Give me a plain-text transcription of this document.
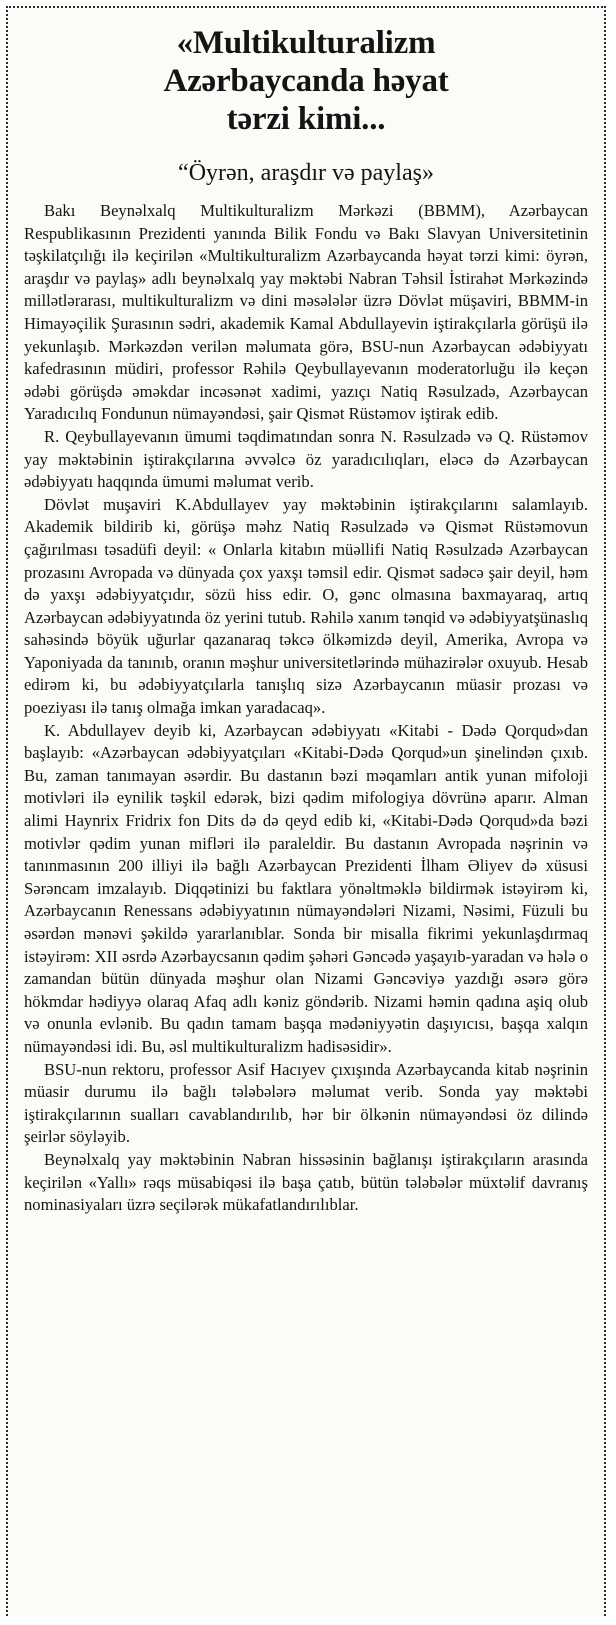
«Multikulturalizm
Azərbaycanda həyat
tərzi kimi...
“Öyrən, araşdır və paylaş»

Bakı Beynəlxalq Multikulturalizm Mərkəzi (BBMM), Azərbaycan Respublikasının Prezidenti yanında Bilik Fondu və Bakı Slavyan Universitetinin təşkilatçılığı ilə keçirilən «Multikulturalizm Azərbaycanda həyat tərzi kimi: öyrən, araşdır və paylaş» adlı beynəlxalq yay məktəbi Nabran Təhsil İstirahət Mərkəzində millətlərarası, multikulturalizm və dini məsələlər üzrə Dövlət müşaviri, BBMM-in Himayəçilik Şurasının sədri, akademik Kamal Abdullayevin iştirakçılarla görüşü ilə yekunlaşıb. Mərkəzdən verilən məlumata görə, BSU-nun Azərbaycan ədəbiyyatı kafedrasının müdiri, professor Rəhilə Qeybullayevanın moderatorluğu ilə keçən ədəbi görüşdə əməkdar incəsənət xadimi, yazıçı Natiq Rəsulzadə, Azərbaycan Yaradıcılıq Fondunun nümayəndəsi, şair Qismət Rüstəmov iştirak edib.

R. Qeybullayevanın ümumi təqdimatından sonra N. Rəsulzadə və Q. Rüstəmov yay məktəbinin iştirakçılarına əvvəlcə öz yaradıcılıqları, eləcə də Azərbaycan ədəbiyyatı haqqında ümumi məlumat verib.

Dövlət muşaviri K.Abdullayev yay məktəbinin iştirakçılarını salamlayıb. Akademik bildirib ki, görüşə məhz Natiq Rəsulzadə və Qismət Rüstəmovun çağırılması təsadüfi deyil: « Onlarla kitabın müəllifi Natiq Rəsulzadə Azərbaycan prozasını Avropada və dünyada çox yaxşı təmsil edir. Qismət sadəcə şair deyil, həm də yaxşı ədəbiyyatçıdır, sözü hiss edir. O, gənc olmasına baxmayaraq, artıq Azərbaycan ədəbiyyatında öz yerini tutub. Rəhilə xanım tənqid və ədəbiyyatşünaslıq sahəsində böyük uğurlar qazanaraq təkcə ölkəmizdə deyil, Amerika, Avropa və Yaponiyada da tanınıb, oranın məşhur universitetlərində mühazirələr oxuyub. Hesab edirəm ki, bu ədəbiyyatçılarla tanışlıq sizə Azərbaycanın müasir prozası və poeziyası ilə tanış olmağa imkan yaradacaq».

K. Abdullayev deyib ki, Azərbaycan ədəbiyyatı «Kitabi - Dədə Qorqud»dan başlayıb: «Azərbaycan ədəbiyyatçıları «Kitabi-Dədə Qorqud»un şinelindən çıxıb. Bu, zaman tanımayan əsərdir. Bu dastanın bəzi məqamları antik yunan mifoloji motivləri ilə eynilik təşkil edərək, bizi qədim mifologiya dövrünə aparır. Alman alimi Haynrix Fridrix fon Dits də də qeyd edib ki, «Kitabi-Dədə Qorqud»da bəzi motivlər qədim yunan mifləri ilə paraleldir. Bu dastanın Avropada nəşrinin və tanınmasının 200 illiyi ilə bağlı Azərbaycan Prezidenti İlham Əliyev də xüsusi Sərəncam imzalayıb. Diqqətinizi bu faktlara yönəltməklə bildirmək istəyirəm ki, Azərbaycanın Renessans ədəbiyyatının nümayəndələri Nizami, Nəsimi, Füzuli bu əsərdən mənəvi şəkildə yararlanıblar. Sonda bir misalla fikrimi yekunlaşdırmaq istəyirəm: XII əsrdə Azərbaycsanın qədim şəhəri Gəncədə yaşayıb-yaradan və hələ o zamandan bütün dünyada məşhur olan Nizami Gəncəviyə yazdığı əsərə görə hökmdar hədiyyə olaraq Afaq adlı kəniz göndərib. Nizami həmin qadına aşiq olub və onunla evlənib. Bu qadın tamam başqa mədəniyyətin daşıyıcısı, başqa xalqın nümayəndəsi idi. Bu, əsl multikulturalizm hadisəsidir».

BSU-nun rektoru, professor Asif Hacıyev çıxışında Azərbaycanda kitab nəşrinin müasir durumu ilə bağlı tələbələrə məlumat verib. Sonda yay məktəbi iştirakçılarının sualları cavablandırılıb, hər bir ölkənin nümayəndəsi öz dilində şeirlər söyləyib.

Beynəlxalq yay məktəbinin Nabran hissəsinin bağlanışı iştirakçıların arasında keçirilən «Yallı» rəqs müsabiqəsi ilə başa çatıb, bütün tələbələr müxtəlif davranış nominasiyaları üzrə seçilərək mükafatlandırılıblar.
